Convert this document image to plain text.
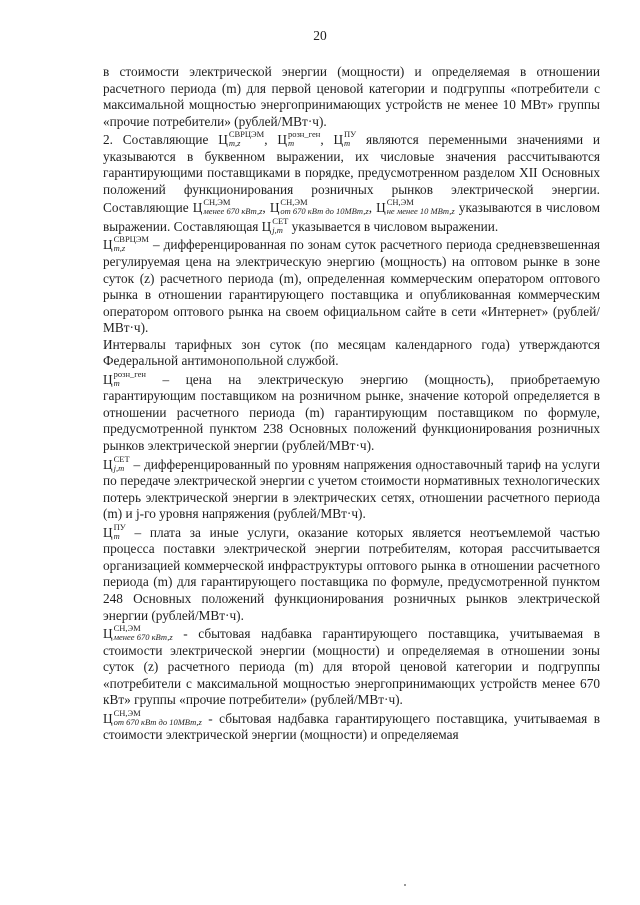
20

в стоимости электрической энергии (мощности) и определяемая в отношении расчетного периода (m) для первой ценовой категории и подгруппы «потребители с максимальной мощностью энергопринимающих устройств не менее 10 МВт» группы «прочие потребители» (рублей/МВт·ч).

2. Составляющие Ц СВРЦЭМ
m,z	, Ц розн_ген
m	, Ц ПУ
m являются переменными значениями и указываются в буквенном выражении, их числовые значения рассчитываются гарантирующими поставщиками в порядке, предусмотренном разделом XII Основных положений функционирования розничных рынков электрической энергии. Составляющие Ц СН,ЭМ
менее 670 кВт,z , Ц СН,ЭМ
от 670 кВт до 10МВт,z , Ц СН,ЭМ
не менее 10 МВт,z указываются в числовом выражении. Составляющая Ц СЕТ
j,m указывается в числовом выражении.

Ц СВРЦЭМ
m,z	– дифференцированная по зонам суток расчетного периода средневзвешенная регулируемая цена на электрическую энергию (мощность) на оптовом рынке в зоне суток (z) расчетного периода (m), определенная коммерческим оператором оптового рынка в отношении гарантирующего поставщика и опубликованная коммерческим оператором оптового рынка на своем официальном сайте в сети «Интернет» (рублей/МВт·ч).

Интервалы тарифных зон суток (по месяцам календарного года) утверждаются Федеральной антимонопольной службой.

Ц розн_ген
m	– цена на электрическую энергию (мощность), приобретаемую гарантирующим поставщиком на розничном рынке, значение которой определяется в отношении расчетного периода (m) гарантирующим поставщиком по формуле, предусмотренной пунктом 238 Основных положений функционирования розничных рынков электрической энергии (рублей/МВт·ч).

Ц СЕТ
j,m – дифференцированный по уровням напряжения одноставочный тариф на услуги по передаче электрической энергии с учетом стоимости нормативных технологических потерь электрической энергии в электрических сетях, отношении расчетного периода (m) и j-го уровня напряжения (рублей/МВт·ч).

Ц ПУ
m – плата за иные услуги, оказание которых является неотъемлемой частью процесса поставки электрической энергии потребителям, которая рассчитывается организацией коммерческой инфраструктуры оптового рынка в отношении расчетного периода (m) для гарантирующего поставщика по формуле, предусмотренной пунктом 248 Основных положений функционирования розничных рынков электрической энергии (рублей/МВт·ч).

Ц СН,ЭМ
менее 670 кВт,z - сбытовая надбавка гарантирующего поставщика, учитываемая в стоимости электрической энергии (мощности) и определяемая в отношении зоны суток (z) расчетного периода (m) для второй ценовой категории и подгруппы «потребители с максимальной мощностью энергопринимающих устройств менее 670 кВт» группы «прочие потребители» (рублей/МВт·ч).

Ц СН,ЭМ
от 670 кВт до 10МВт,z - сбытовая надбавка гарантирующего поставщика, учитываемая в стоимости электрической энергии (мощности) и определяемая
